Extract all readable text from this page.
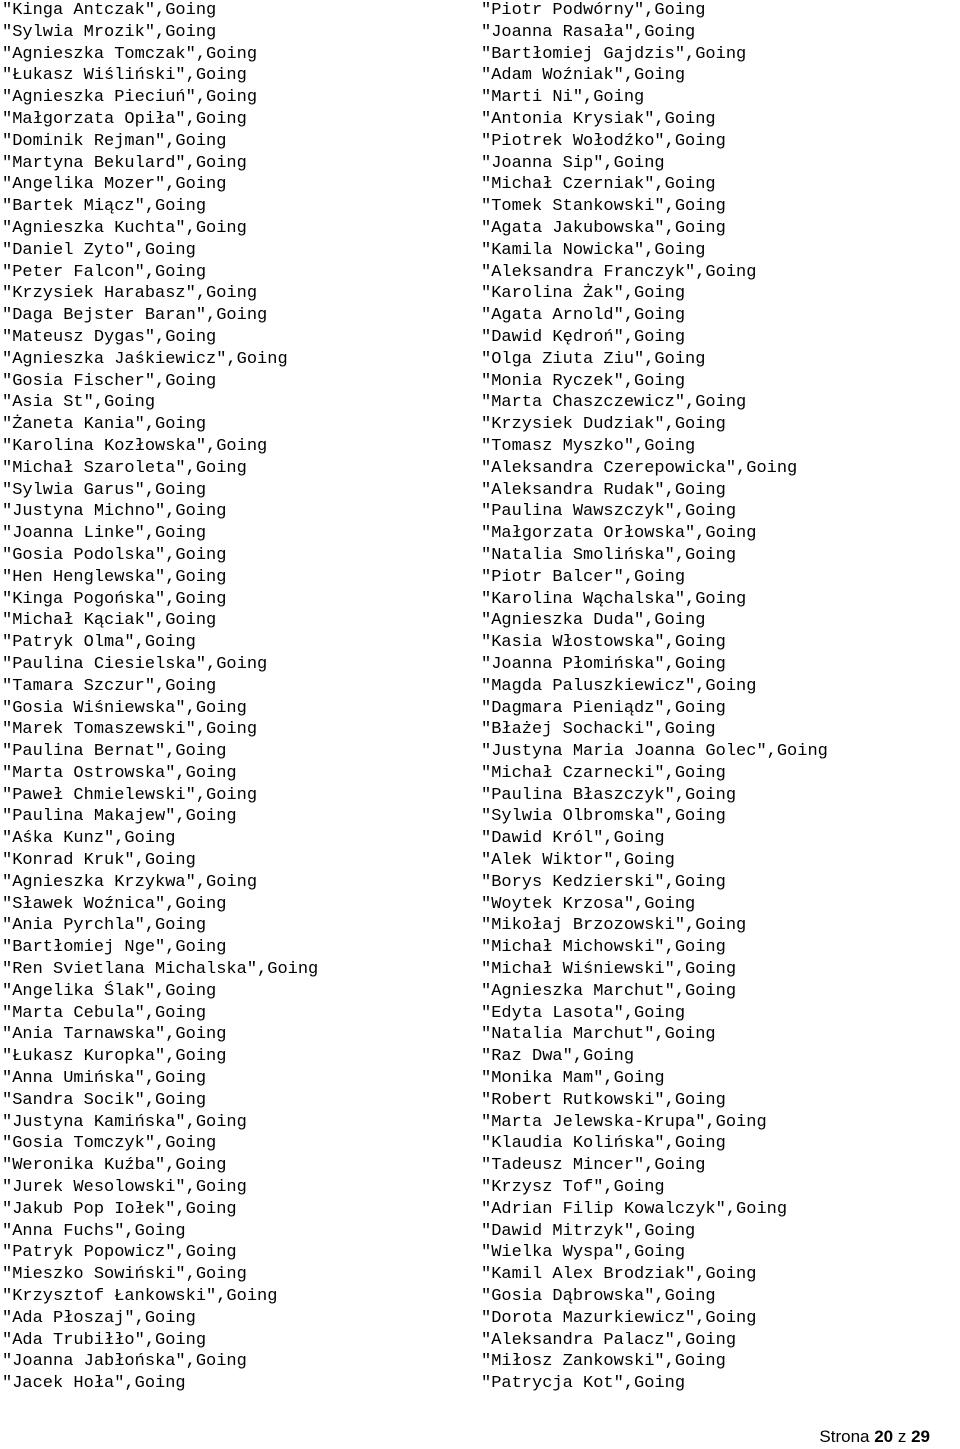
"Kinga Antczak",Going
"Sylwia Mrozik",Going
"Agnieszka Tomczak",Going
"Łukasz Wiśliński",Going
"Agnieszka Pieciuń",Going
"Małgorzata Opiła",Going
"Dominik Rejman",Going
"Martyna Bekulard",Going
"Angelika Mozer",Going
"Bartek Miącz",Going
"Agnieszka Kuchta",Going
"Daniel Zyto",Going
"Peter Falcon",Going
"Krzysiek Harabasz",Going
"Daga Bejster Baran",Going
"Mateusz Dygas",Going
"Agnieszka Jaśkiewicz",Going
"Gosia Fischer",Going
"Asia St",Going
"Żaneta Kania",Going
"Karolina Kozłowska",Going
"Michał Szaroleta",Going
"Sylwia Garus",Going
"Justyna Michno",Going
"Joanna Linke",Going
"Gosia Podolska",Going
"Hen Henglewska",Going
"Kinga Pogońska",Going
"Michał Kąciak",Going
"Patryk Olma",Going
"Paulina Ciesielska",Going
"Tamara Szczur",Going
"Gosia Wiśniewska",Going
"Marek Tomaszewski",Going
"Paulina Bernat",Going
"Marta Ostrowska",Going
"Paweł Chmielewski",Going
"Paulina Makajew",Going
"Aśka Kunz",Going
"Konrad Kruk",Going
"Agnieszka Krzykwa",Going
"Sławek Woźnica",Going
"Ania Pyrchla",Going
"Bartłomiej Nge",Going
"Ren Svietlana Michalska",Going
"Angelika Ślak",Going
"Marta Cebula",Going
"Ania Tarnawska",Going
"Łukasz Kuropka",Going
"Anna Umińska",Going
"Sandra Socik",Going
"Justyna Kamińska",Going
"Gosia Tomczyk",Going
"Weronika Kuźba",Going
"Jurek Wesolowski",Going
"Jakub Pop Iołek",Going
"Anna Fuchs",Going
"Patryk Popowicz",Going
"Mieszko Sowiński",Going
"Krzysztof Łankowski",Going
"Ada Płoszaj",Going
"Ada Trubiłło",Going
"Joanna Jabłońska",Going
"Jacek Hoła",Going
"Piotr Podwórny",Going
"Joanna Rasała",Going
"Bartłomiej Gajdzis",Going
"Adam Woźniak",Going
"Marti Ni",Going
"Antonia Krysiak",Going
"Piotrek Wołodźko",Going
"Joanna Sip",Going
"Michał Czerniak",Going
"Tomek Stankowski",Going
"Agata Jakubowska",Going
"Kamila Nowicka",Going
"Aleksandra Franczyk",Going
"Karolina Żak",Going
"Agata Arnold",Going
"Dawid Kędroń",Going
"Olga Ziuta Ziu",Going
"Monia Ryczek",Going
"Marta Chaszczewicz",Going
"Krzysiek Dudziak",Going
"Tomasz Myszko",Going
"Aleksandra Czerepowicka",Going
"Aleksandra Rudak",Going
"Paulina Wawszczyk",Going
"Małgorzata Orłowska",Going
"Natalia Smolińska",Going
"Piotr Balcer",Going
"Karolina Wąchalska",Going
"Agnieszka Duda",Going
"Kasia Włostowska",Going
"Joanna Płomińska",Going
"Magda Paluszkiewicz",Going
"Dagmara Pieniądz",Going
"Błażej Sochacki",Going
"Justyna Maria Joanna Golec",Going
"Michał Czarnecki",Going
"Paulina Błaszczyk",Going
"Sylwia Olbromska",Going
"Dawid Król",Going
"Alek Wiktor",Going
"Borys Kedzierski",Going
"Woytek Krzosa",Going
"Mikołaj Brzozowski",Going
"Michał Michowski",Going
"Michał Wiśniewski",Going
"Agnieszka Marchut",Going
"Edyta Lasota",Going
"Natalia Marchut",Going
"Raz Dwa",Going
"Monika Mam",Going
"Robert Rutkowski",Going
"Marta Jelewska-Krupa",Going
"Klaudia Kolińska",Going
"Tadeusz Mincer",Going
"Krzysz Tof",Going
"Adrian Filip Kowalczyk",Going
"Dawid Mitrzyk",Going
"Wielka Wyspa",Going
"Kamil Alex Brodziak",Going
"Gosia Dąbrowska",Going
"Dorota Mazurkiewicz",Going
"Aleksandra Palacz",Going
"Miłosz Zankowski",Going
"Patrycja Kot",Going
Strona 20 z 29
